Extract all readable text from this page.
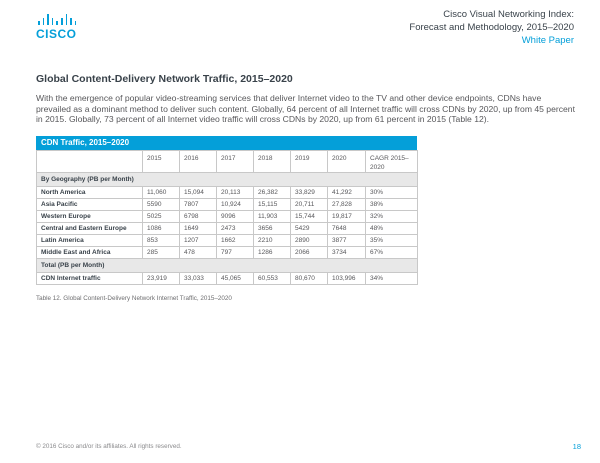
CISCO
Cisco Visual Networking Index:
Forecast and Methodology, 2015–2020
White Paper
Global Content-Delivery Network Traffic, 2015–2020
With the emergence of popular video-streaming services that deliver Internet video to the TV and other device endpoints, CDNs have prevailed as a dominant method to deliver such content. Globally, 64 percent of all Internet traffic will cross CDNs by 2020, up from 45 percent in 2015. Globally, 73 percent of all Internet video traffic will cross CDNs by 2020, up from 61 percent in 2015 (Table 12).
CDN Traffic, 2015–2020
	2015	2016	2017	2018	2019	2020	CAGR 2015–2020
By Geography (PB per Month)							
North America	11,060	15,094	20,113	26,382	33,829	41,292	30%
Asia Pacific	5590	7807	10,924	15,115	20,711	27,828	38%
Western Europe	5025	6798	9096	11,903	15,744	19,817	32%
Central and Eastern Europe	1086	1649	2473	3656	5429	7648	48%
Latin America	853	1207	1662	2210	2890	3877	35%
Middle East and Africa	285	478	797	1286	2066	3734	67%
Total (PB per Month)							
CDN Internet traffic	23,919	33,033	45,065	60,553	80,670	103,996	34%
Table 12. Global Content-Delivery Network Internet Traffic, 2015–2020
© 2016 Cisco and/or its affiliates. All rights reserved.	18
